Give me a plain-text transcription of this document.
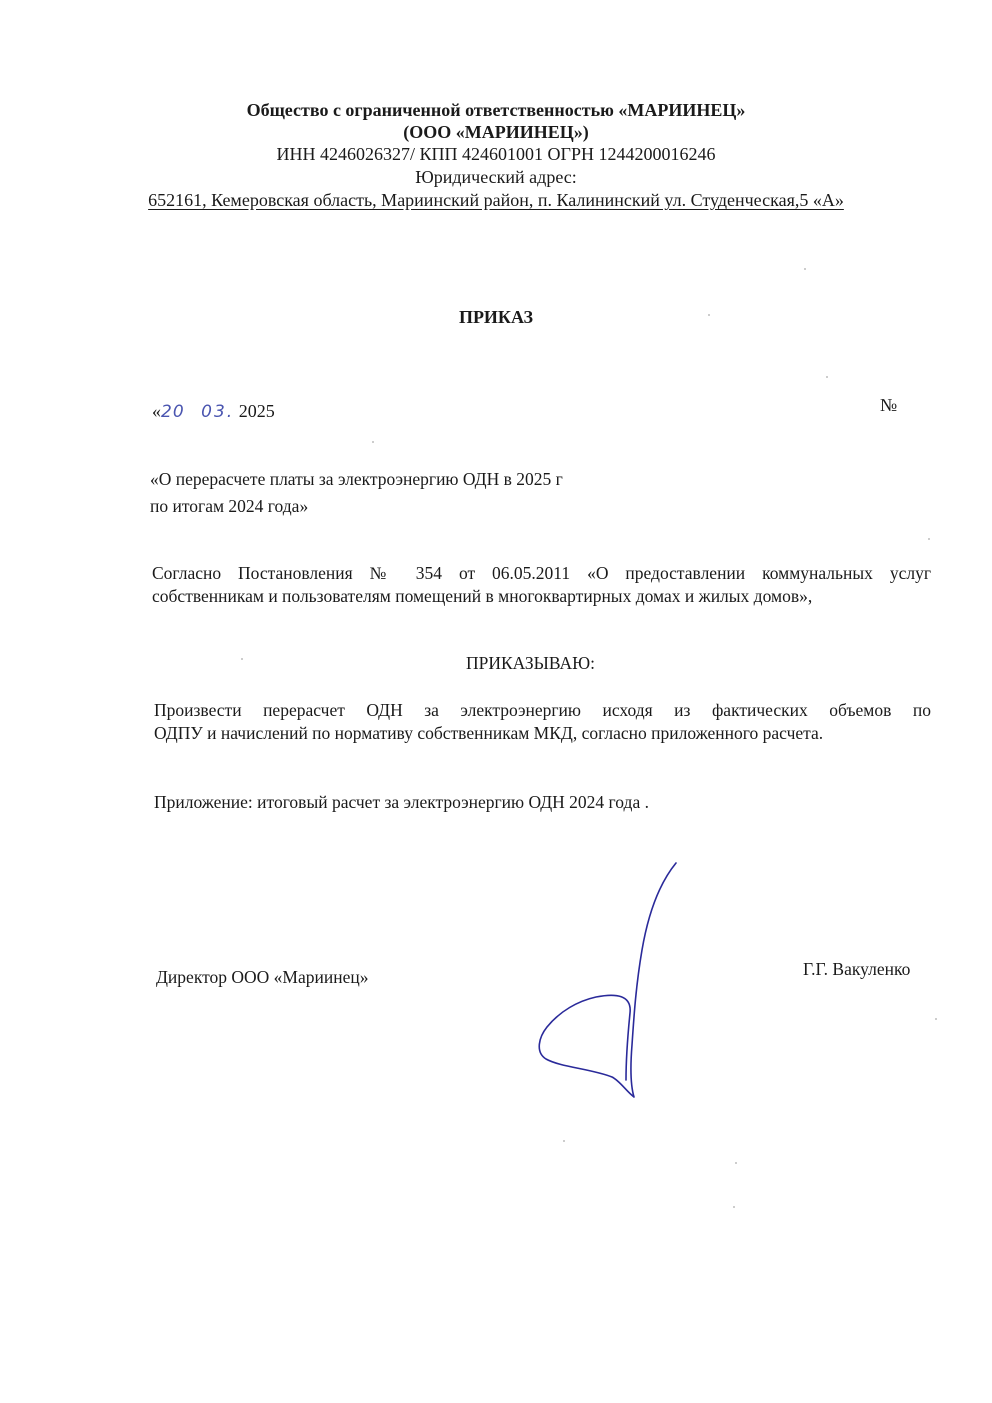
Общество с ограниченной ответственностью «МАРИИНЕЦ»
(ООО «МАРИИНЕЦ»)
ИНН 4246026327/ КПП 424601001 ОГРН 1244200016246
Юридический адрес:
652161, Кемеровская область, Мариинский район, п. Калининский ул. Студенческая,5 «А»
ПРИКАЗ
«20 03. 2025	№
«О перерасчете платы за электроэнергию ОДН в 2025 г
по итогам 2024 года»
Согласно Постановления № 354 от 06.05.2011 «О предоставлении коммунальных услуг
собственникам и пользователям помещений в многоквартирных домах и жилых домов»,
ПРИКАЗЫВАЮ:
Произвести перерасчет ОДН за электроэнергию исходя из фактических объемов по
ОДПУ и начислений по нормативу собственникам МКД, согласно приложенного расчета.
Приложение: итоговый расчет за электроэнергию ОДН 2024 года .
Директор ООО «Мариинец»	Г.Г. Вакуленко
